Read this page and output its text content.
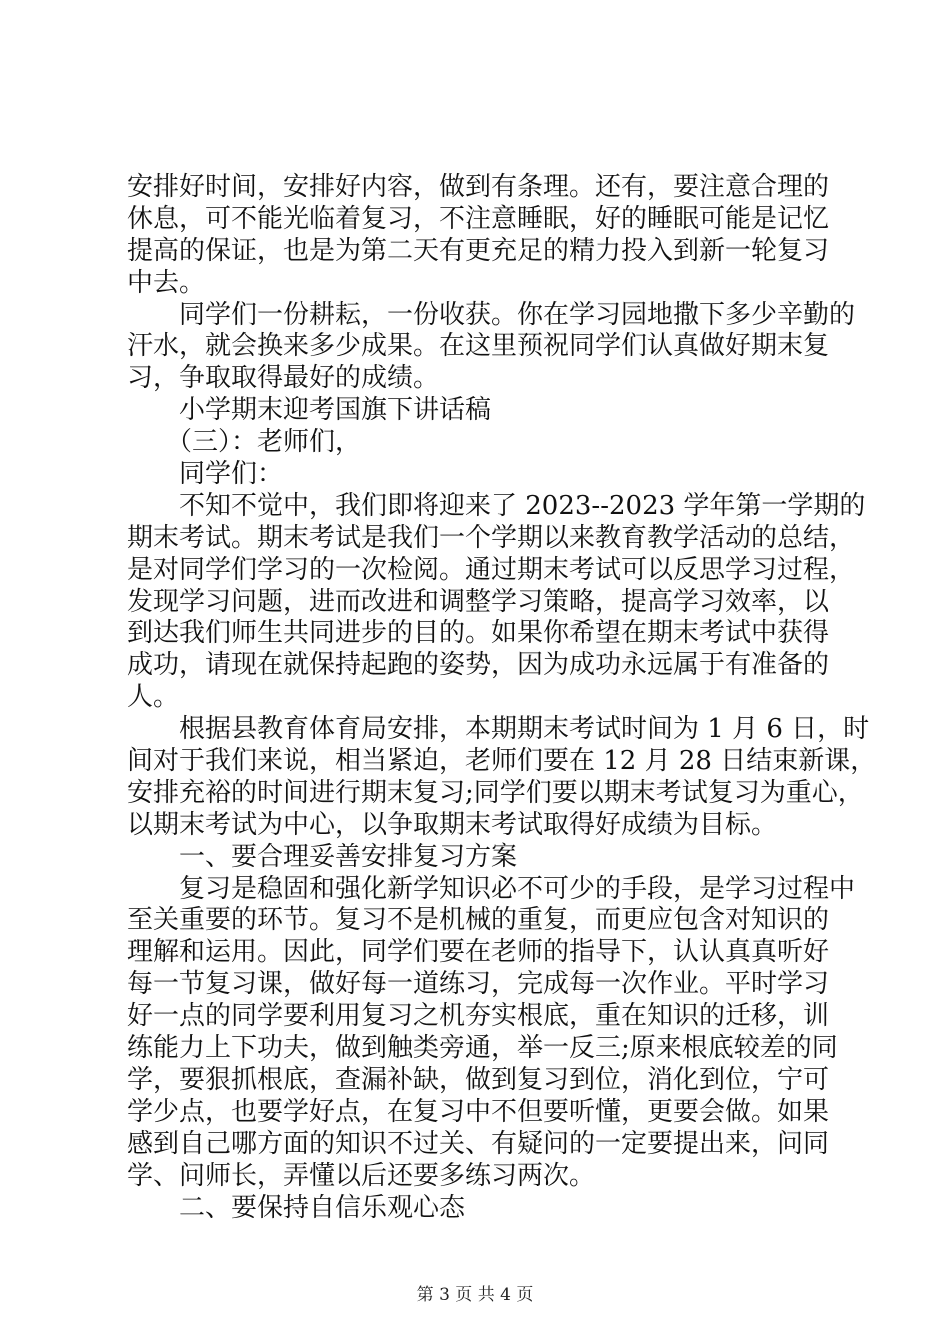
安排好时间，安排好内容，做到有条理。还有，要注意合理的
休息，可不能光临着复习，不注意睡眠，好的睡眠可能是记忆
提高的保证，也是为第二天有更充足的精力投入到新一轮复习
中去。
　　同学们一份耕耘，一份收获。你在学习园地撒下多少辛勤的
汗水，就会换来多少成果。在这里预祝同学们认真做好期末复
习，争取取得最好的成绩。
　　小学期末迎考国旗下讲话稿
　　（三）：老师们，
　　同学们：
　　不知不觉中，我们即将迎来了 2023--2023 学年第一学期的
期末考试。期末考试是我们一个学期以来教育教学活动的总结，
是对同学们学习的一次检阅。通过期末考试可以反思学习过程，
发现学习问题，进而改进和调整学习策略，提高学习效率，以
到达我们师生共同进步的目的。如果你希望在期末考试中获得
成功，请现在就保持起跑的姿势，因为成功永远属于有准备的
人。
　　根据县教育体育局安排，本期期末考试时间为 1 月 6 日，时
间对于我们来说，相当紧迫，老师们要在 12 月 28 日结束新课，
安排充裕的时间进行期末复习;同学们要以期末考试复习为重心，
以期末考试为中心，以争取期末考试取得好成绩为目标。
　　一、要合理妥善安排复习方案
　　复习是稳固和强化新学知识必不可少的手段，是学习过程中
至关重要的环节。复习不是机械的重复，而更应包含对知识的
理解和运用。因此，同学们要在老师的指导下，认认真真听好
每一节复习课，做好每一道练习，完成每一次作业。平时学习
好一点的同学要利用复习之机夯实根底，重在知识的迁移，训
练能力上下功夫，做到触类旁通，举一反三;原来根底较差的同
学，要狠抓根底，查漏补缺，做到复习到位，消化到位，宁可
学少点，也要学好点，在复习中不但要听懂，更要会做。如果
感到自己哪方面的知识不过关、有疑问的一定要提出来，问同
学、问师长，弄懂以后还要多练习两次。
　　二、要保持自信乐观心态
第 3 页 共 4 页
